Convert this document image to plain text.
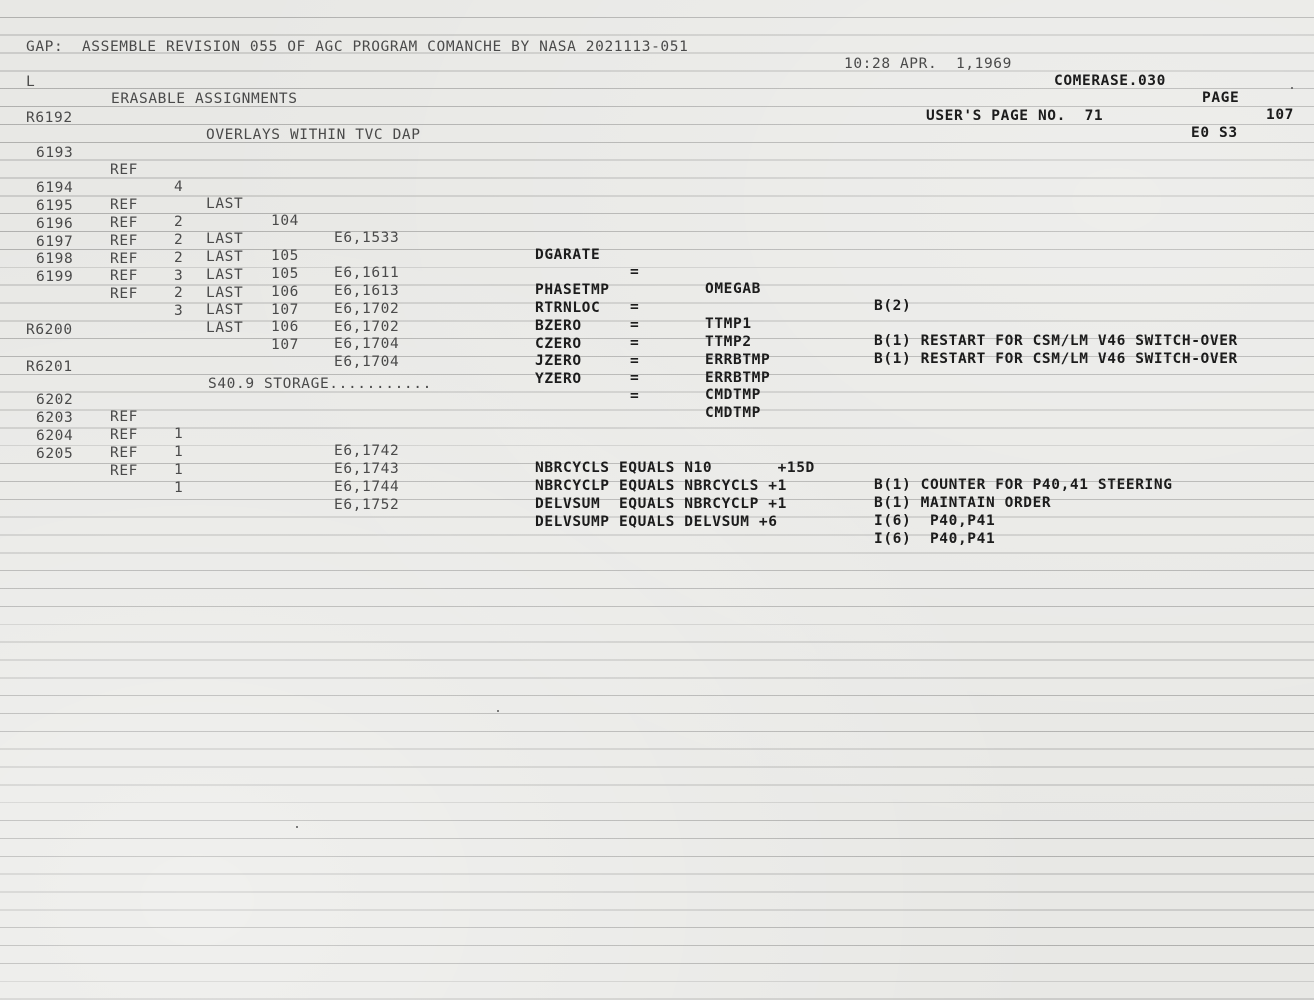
GAP:  ASSEMBLE REVISION 055 OF AGC PROGRAM COMANCHE BY NASA 2021113-051

10:28 APR.  1,1969

COMERASE.030

PAGE

107

L

ERASABLE ASSIGNMENTS

USER'S PAGE NO.  71

E0 S3

R6192

OVERLAYS WITHIN TVC DAP

6193

REF

4

LAST

104

E6,1533

DGARATE

=

OMEGAB

B(2)

6194

REF

2

LAST

105

E6,1611

PHASETMP

=

TTMP1

B(1) RESTART FOR CSM/LM V46 SWITCH-OVER

6195

REF

2

LAST

105

E6,1613

RTRNLOC

=

TTMP2

B(1) RESTART FOR CSM/LM V46 SWITCH-OVER

6196

REF

2

LAST

106

E6,1702

BZERO

=

ERRBTMP

6197

REF

3

LAST

107

E6,1702

CZERO

=

ERRBTMP

6198

REF

2

LAST

106

E6,1704

JZERO

=

CMDTMP

6199

REF

3

LAST

107

E6,1704

YZERO

=

CMDTMP

R6200

R6201

S40.9 STORAGE...........

6202

REF

1

E6,1742

NBRCYCLS EQUALS N10       +15D

B(1) COUNTER FOR P40,41 STEERING

6203

REF

1

E6,1743

NBRCYCLP EQUALS NBRCYCLS +1

B(1) MAINTAIN ORDER

6204

REF

1

E6,1744

DELVSUM  EQUALS NBRCYCLP +1

I(6)  P40,P41

6205

REF

1

E6,1752

DELVSUMP EQUALS DELVSUM +6

I(6)  P40,P41
